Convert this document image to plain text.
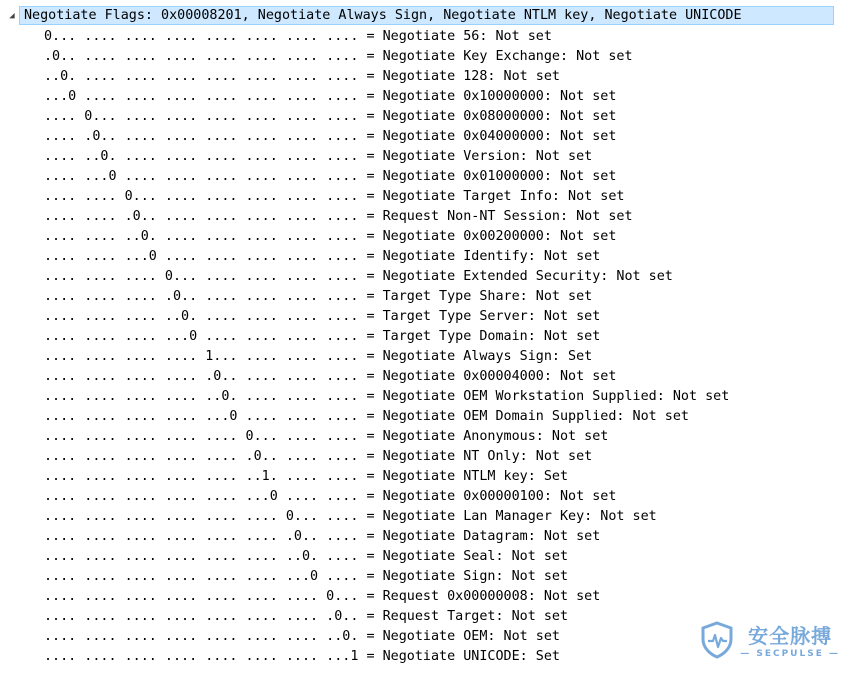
◢ Negotiate Flags: 0x00008201, Negotiate Always Sign, Negotiate NTLM key, Negotiate UNICODE
0... .... .... .... .... .... .... .... = Negotiate 56: Not set
.0.. .... .... .... .... .... .... .... = Negotiate Key Exchange: Not set
..0. .... .... .... .... .... .... .... = Negotiate 128: Not set
...0 .... .... .... .... .... .... .... = Negotiate 0x10000000: Not set
.... 0... .... .... .... .... .... .... = Negotiate 0x08000000: Not set
.... .0.. .... .... .... .... .... .... = Negotiate 0x04000000: Not set
.... ..0. .... .... .... .... .... .... = Negotiate Version: Not set
.... ...0 .... .... .... .... .... .... = Negotiate 0x01000000: Not set
.... .... 0... .... .... .... .... .... = Negotiate Target Info: Not set
.... .... .0.. .... .... .... .... .... = Request Non-NT Session: Not set
.... .... ..0. .... .... .... .... .... = Negotiate 0x00200000: Not set
.... .... ...0 .... .... .... .... .... = Negotiate Identify: Not set
.... .... .... 0... .... .... .... .... = Negotiate Extended Security: Not set
.... .... .... .0.. .... .... .... .... = Target Type Share: Not set
.... .... .... ..0. .... .... .... .... = Target Type Server: Not set
.... .... .... ...0 .... .... .... .... = Target Type Domain: Not set
.... .... .... .... 1... .... .... .... = Negotiate Always Sign: Set
.... .... .... .... .0.. .... .... .... = Negotiate 0x00004000: Not set
.... .... .... .... ..0. .... .... .... = Negotiate OEM Workstation Supplied: Not set
.... .... .... .... ...0 .... .... .... = Negotiate OEM Domain Supplied: Not set
.... .... .... .... .... 0... .... .... = Negotiate Anonymous: Not set
.... .... .... .... .... .0.. .... .... = Negotiate NT Only: Not set
.... .... .... .... .... ..1. .... .... = Negotiate NTLM key: Set
.... .... .... .... .... ...0 .... .... = Negotiate 0x00000100: Not set
.... .... .... .... .... .... 0... .... = Negotiate Lan Manager Key: Not set
.... .... .... .... .... .... .0.. .... = Negotiate Datagram: Not set
.... .... .... .... .... .... ..0. .... = Negotiate Seal: Not set
.... .... .... .... .... .... ...0 .... = Negotiate Sign: Not set
.... .... .... .... .... .... .... 0... = Request 0x00000008: Not set
.... .... .... .... .... .... .... .0.. = Request Target: Not set
.... .... .... .... .... .... .... ..0. = Negotiate OEM: Not set
.... .... .... .... .... .... .... ...1 = Negotiate UNICODE: Set
安全脉搏
— SECPULSE —
